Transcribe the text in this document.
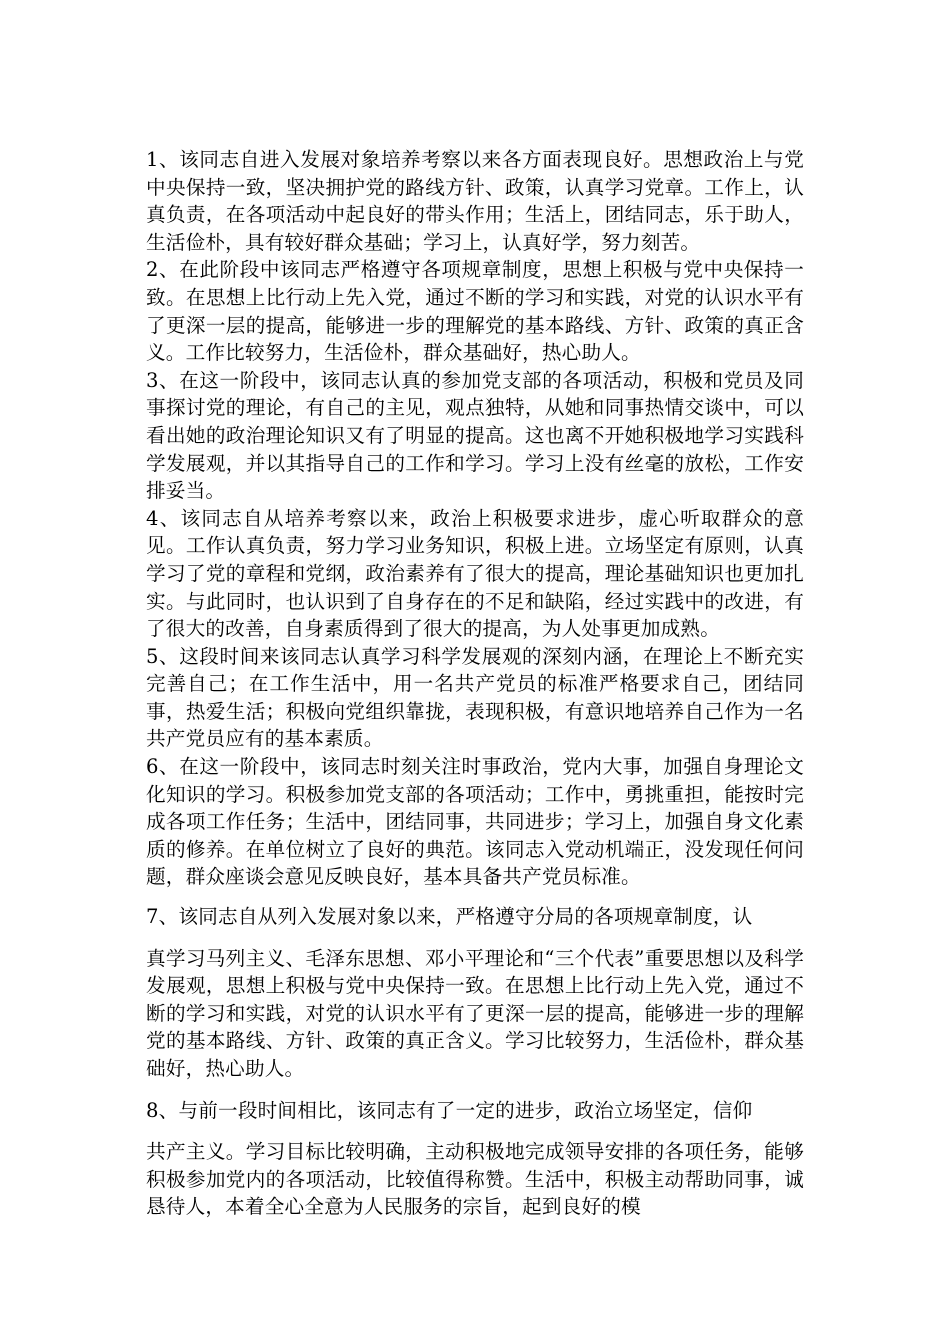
1、该同志自进入发展对象培养考察以来各方面表现良好。思想政治上与党中央保持一致，坚决拥护党的路线方针、政策，认真学习党章。工作上，认真负责，在各项活动中起良好的带头作用；生活上，团结同志，乐于助人，生活俭朴，具有较好群众基础；学习上，认真好学，努力刻苦。

2、在此阶段中该同志严格遵守各项规章制度，思想上积极与党中央保持一致。在思想上比行动上先入党，通过不断的学习和实践，对党的认识水平有了更深一层的提高，能够进一步的理解党的基本路线、方针、政策的真正含义。工作比较努力，生活俭朴，群众基础好，热心助人。

3、在这一阶段中，该同志认真的参加党支部的各项活动，积极和党员及同事探讨党的理论，有自己的主见，观点独特，从她和同事热情交谈中，可以看出她的政治理论知识又有了明显的提高。这也离不开她积极地学习实践科学发展观，并以其指导自己的工作和学习。学习上没有丝毫的放松，工作安排妥当。

4、该同志自从培养考察以来，政治上积极要求进步，虚心听取群众的意见。工作认真负责，努力学习业务知识，积极上进。立场坚定有原则，认真学习了党的章程和党纲，政治素养有了很大的提高，理论基础知识也更加扎实。与此同时，也认识到了自身存在的不足和缺陷，经过实践中的改进，有了很大的改善，自身素质得到了很大的提高，为人处事更加成熟。

5、这段时间来该同志认真学习科学发展观的深刻内涵，在理论上不断充实完善自己；在工作生活中，用一名共产党员的标准严格要求自己，团结同事，热爱生活；积极向党组织靠拢，表现积极，有意识地培养自己作为一名共产党员应有的基本素质。

6、在这一阶段中，该同志时刻关注时事政治，党内大事，加强自身理论文化知识的学习。积极参加党支部的各项活动；工作中，勇挑重担，能按时完成各项工作任务；生活中，团结同事，共同进步；学习上，加强自身文化素质的修养。在单位树立了良好的典范。该同志入党动机端正，没发现任何问题，群众座谈会意见反映良好，基本具备共产党员标准。

7、该同志自从列入发展对象以来，严格遵守分局的各项规章制度，认

真学习马列主义、毛泽东思想、邓小平理论和“三个代表”重要思想以及科学发展观，思想上积极与党中央保持一致。在思想上比行动上先入党，通过不断的学习和实践，对党的认识水平有了更深一层的提高，能够进一步的理解党的基本路线、方针、政策的真正含义。学习比较努力，生活俭朴，群众基础好，热心助人。

8、与前一段时间相比，该同志有了一定的进步，政治立场坚定，信仰

共产主义。学习目标比较明确，主动积极地完成领导安排的各项任务，能够积极参加党内的各项活动，比较值得称赞。生活中，积极主动帮助同事，诚恳待人，本着全心全意为人民服务的宗旨，起到良好的模
